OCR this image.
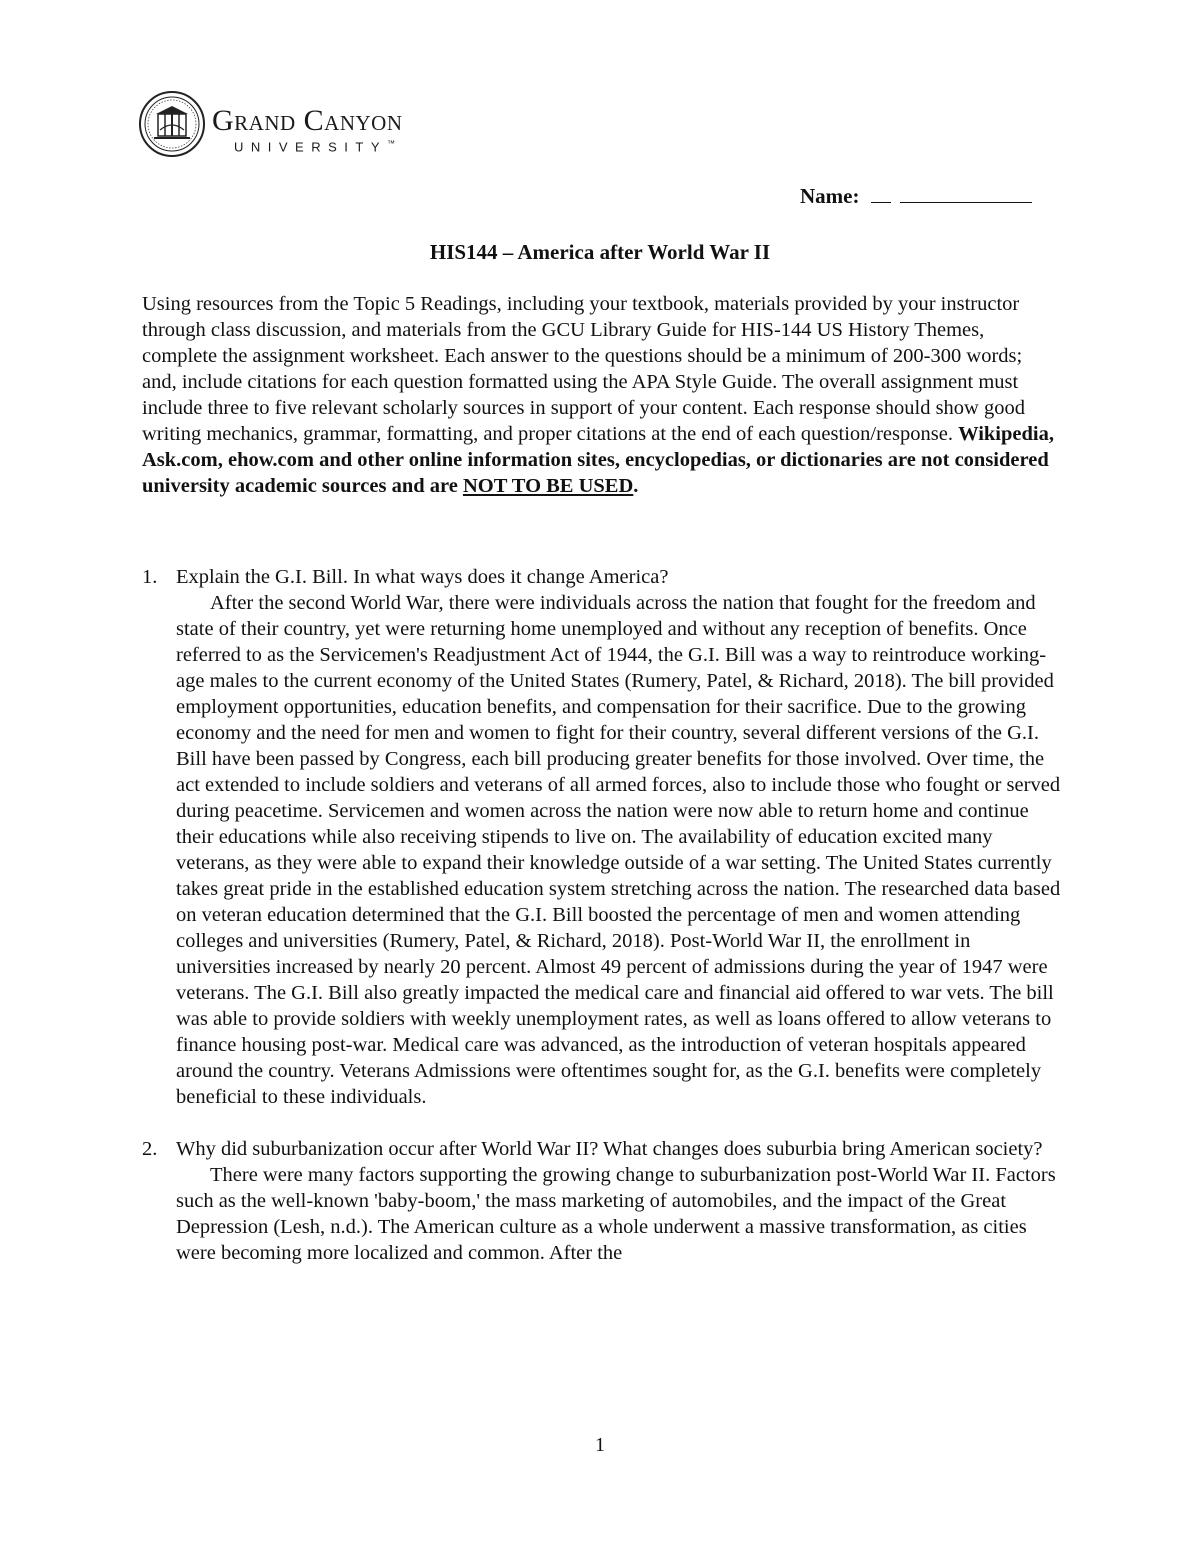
Grand Canyon
UNIVERSITY™
Name:
HIS144 – America after World War II
Using resources from the Topic 5 Readings, including your textbook, materials provided by your instructor through class discussion, and materials from the GCU Library Guide for HIS-144 US History Themes, complete the assignment worksheet. Each answer to the questions should be a minimum of 200-300 words; and, include citations for each question formatted using the APA Style Guide. The overall assignment must include three to five relevant scholarly sources in support of your content. Each response should show good writing mechanics, grammar, formatting, and proper citations at the end of each question/response. Wikipedia, Ask.com, ehow.com and other online information sites, encyclopedias, or dictionaries are not considered university academic sources and are NOT TO BE USED.
1. Explain the G.I. Bill. In what ways does it change America?
After the second World War, there were individuals across the nation that fought for the freedom and state of their country, yet were returning home unemployed and without any reception of benefits. Once referred to as the Servicemen's Readjustment Act of 1944, the G.I. Bill was a way to reintroduce working-age males to the current economy of the United States (Rumery, Patel, & Richard, 2018). The bill provided employment opportunities, education benefits, and compensation for their sacrifice. Due to the growing economy and the need for men and women to fight for their country, several different versions of the G.I. Bill have been passed by Congress, each bill producing greater benefits for those involved. Over time, the act extended to include soldiers and veterans of all armed forces, also to include those who fought or served during peacetime. Servicemen and women across the nation were now able to return home and continue their educations while also receiving stipends to live on. The availability of education excited many veterans, as they were able to expand their knowledge outside of a war setting. The United States currently takes great pride in the established education system stretching across the nation. The researched data based on veteran education determined that the G.I. Bill boosted the percentage of men and women attending colleges and universities (Rumery, Patel, & Richard, 2018). Post-World War II, the enrollment in universities increased by nearly 20 percent. Almost 49 percent of admissions during the year of 1947 were veterans. The G.I. Bill also greatly impacted the medical care and financial aid offered to war vets. The bill was able to provide soldiers with weekly unemployment rates, as well as loans offered to allow veterans to finance housing post-war. Medical care was advanced, as the introduction of veteran hospitals appeared around the country. Veterans Admissions were oftentimes sought for, as the G.I. benefits were completely beneficial to these individuals.
2. Why did suburbanization occur after World War II? What changes does suburbia bring American society?
There were many factors supporting the growing change to suburbanization post-World War II. Factors such as the well-known 'baby-boom,' the mass marketing of automobiles, and the impact of the Great Depression (Lesh, n.d.). The American culture as a whole underwent a massive transformation, as cities were becoming more localized and common. After the
1
